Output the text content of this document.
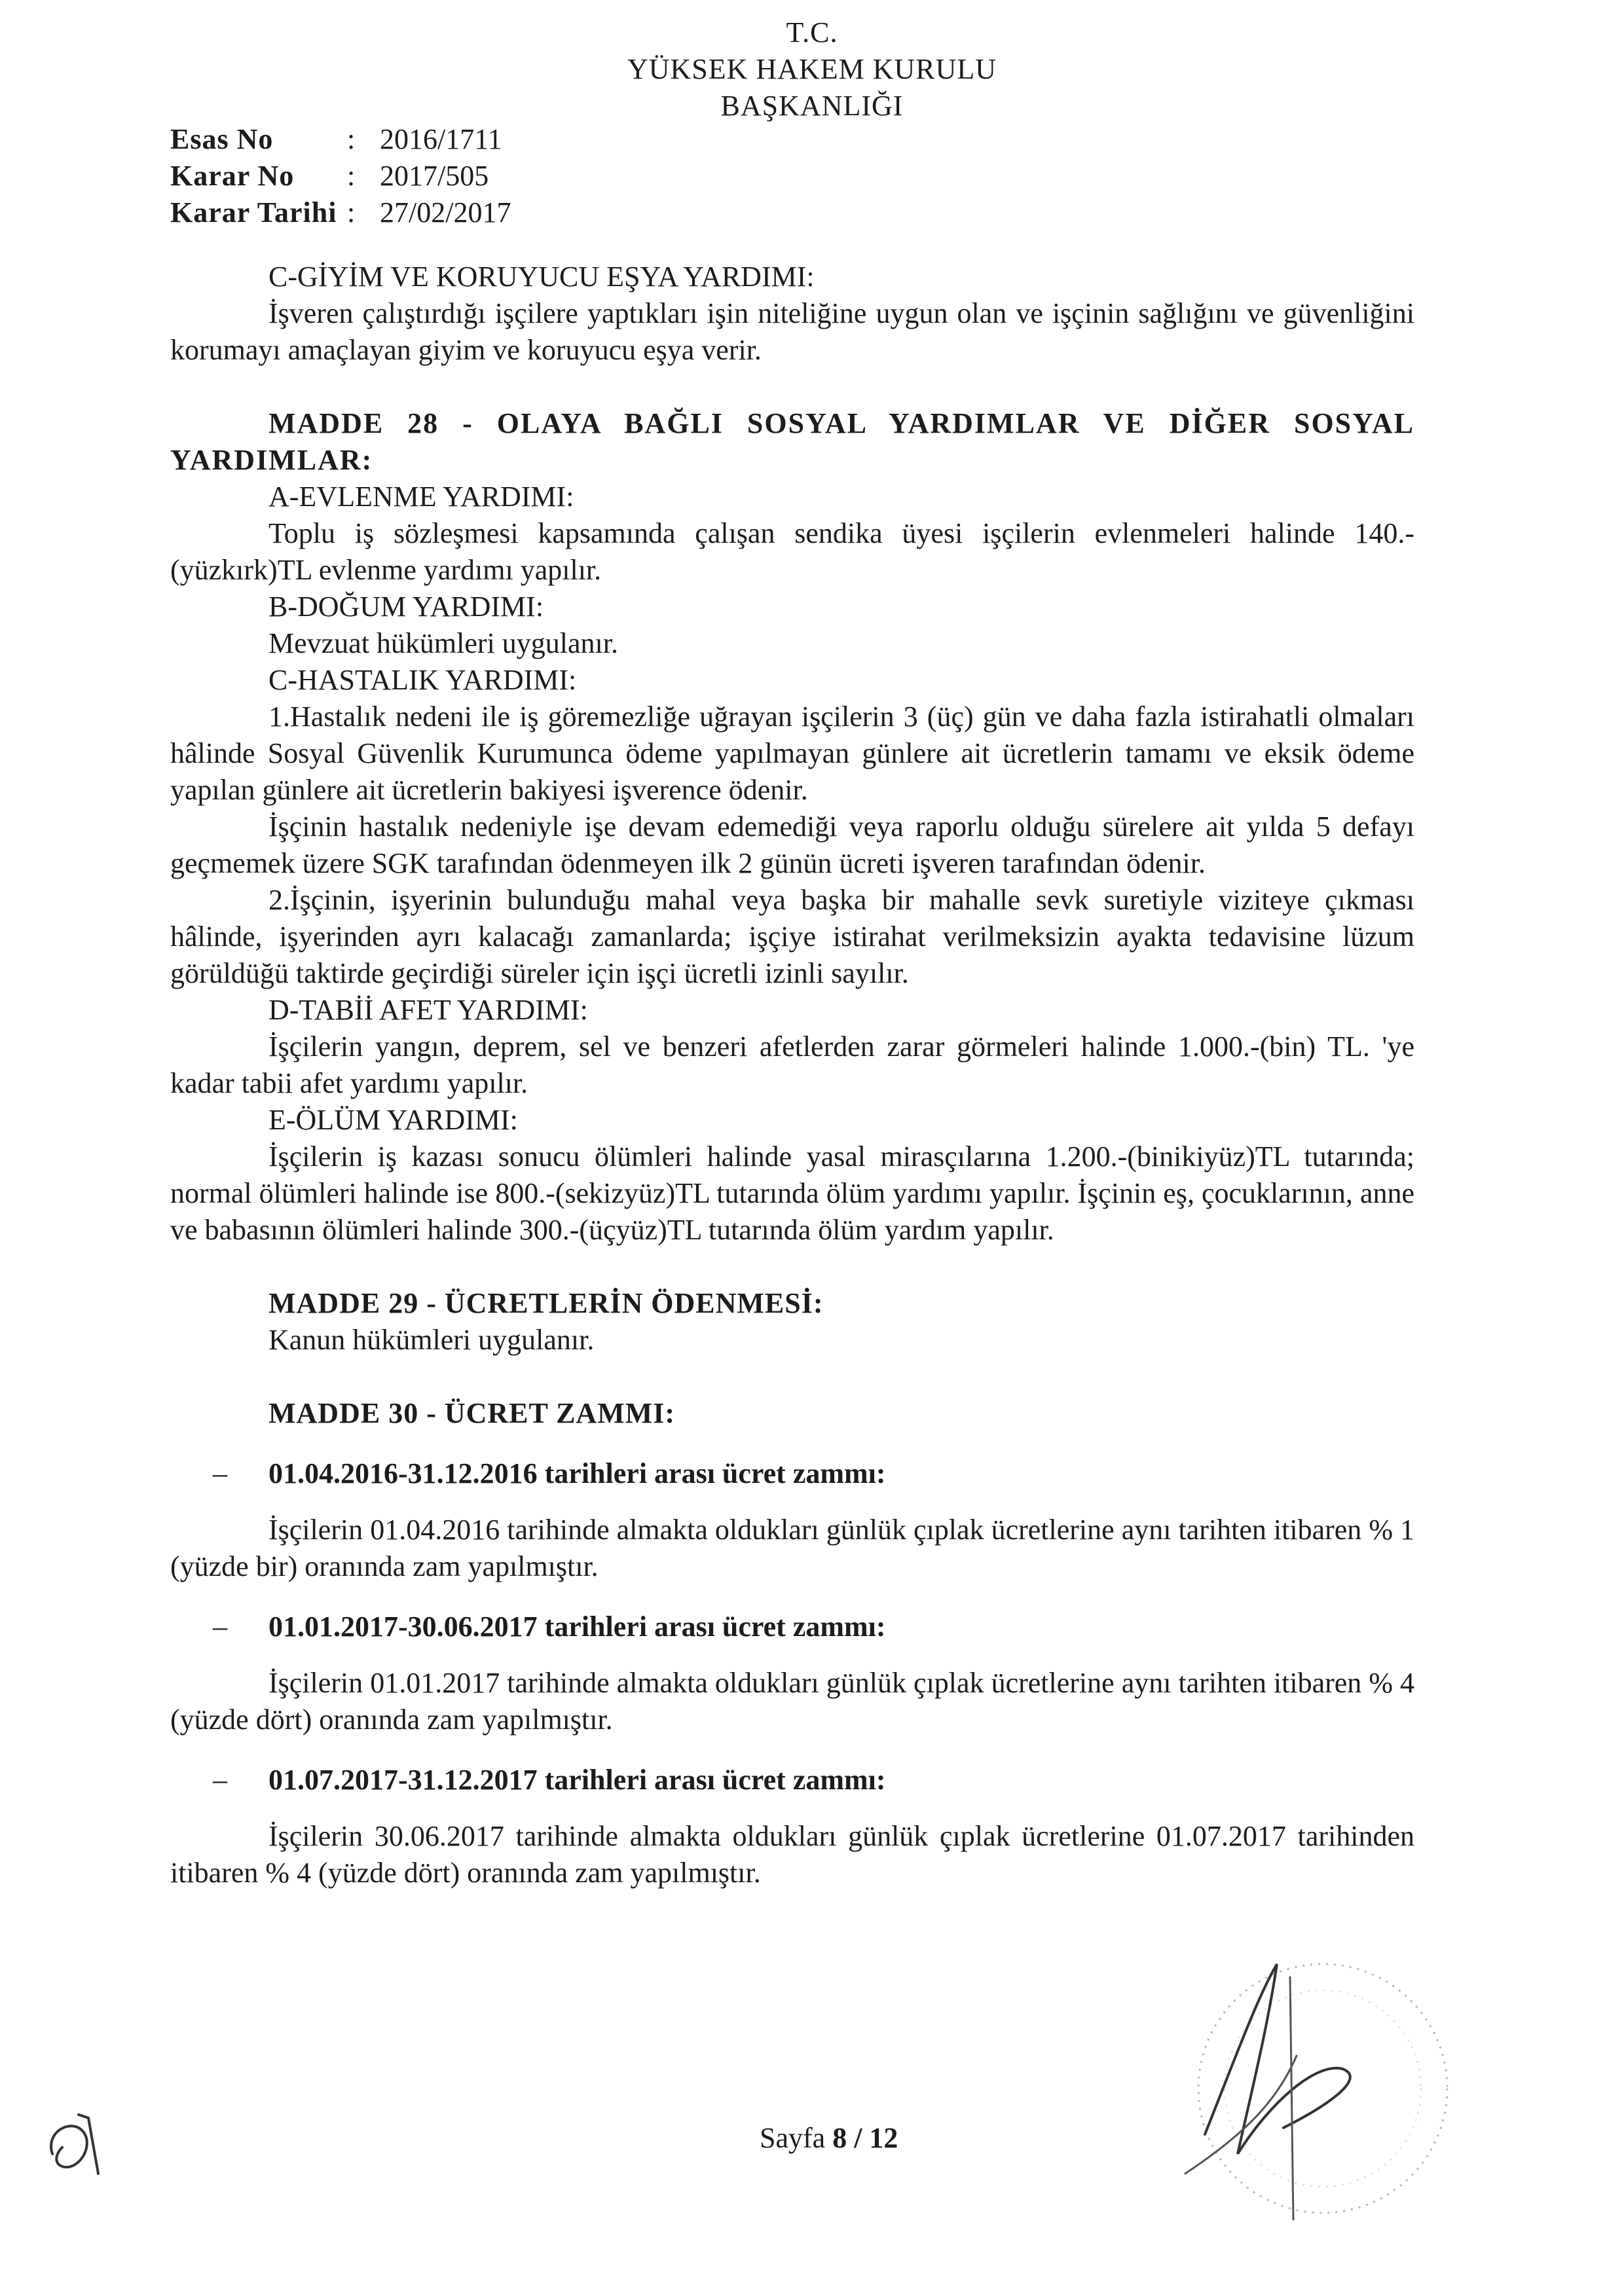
T.C.
YÜKSEK HAKEM KURULU
BAŞKANLIĞI
Esas No	: 2016/1711
Karar No	: 2017/505
Karar Tarihi : 27/02/2017

C-GİYİM VE KORUYUCU EŞYA YARDIMI:

İşveren çalıştırdığı işçilere yaptıkları işin niteliğine uygun olan ve işçinin sağlığını ve güvenliğini korumayı amaçlayan giyim ve koruyucu eşya verir.

MADDE 28 - OLAYA BAĞLI SOSYAL YARDIMLAR VE DİĞER SOSYAL YARDIMLAR:

A-EVLENME YARDIMI:

Toplu iş sözleşmesi kapsamında çalışan sendika üyesi işçilerin evlenmeleri halinde 140.-(yüzkırk)TL evlenme yardımı yapılır.

B-DOĞUM YARDIMI:

Mevzuat hükümleri uygulanır.

C-HASTALIK YARDIMI:

1.Hastalık nedeni ile iş göremezliğe uğrayan işçilerin 3 (üç) gün ve daha fazla istirahatli olmaları hâlinde Sosyal Güvenlik Kurumunca ödeme yapılmayan günlere ait ücretlerin tamamı ve eksik ödeme yapılan günlere ait ücretlerin bakiyesi işverence ödenir.

İşçinin hastalık nedeniyle işe devam edemediği veya raporlu olduğu sürelere ait yılda 5 defayı geçmemek üzere SGK tarafından ödenmeyen ilk 2 günün ücreti işveren tarafından ödenir.

2.İşçinin, işyerinin bulunduğu mahal veya başka bir mahalle sevk suretiyle viziteye çıkması hâlinde, işyerinden ayrı kalacağı zamanlarda; işçiye istirahat verilmeksizin ayakta tedavisine lüzum görüldüğü taktirde geçirdiği süreler için işçi ücretli izinli sayılır.

D-TABİİ AFET YARDIMI:

İşçilerin yangın, deprem, sel ve benzeri afetlerden zarar görmeleri halinde 1.000.-(bin) TL. 'ye kadar tabii afet yardımı yapılır.

E-ÖLÜM YARDIMI:

İşçilerin iş kazası sonucu ölümleri halinde yasal mirasçılarına 1.200.-(binikiyüz)TL tutarında; normal ölümleri halinde ise 800.-(sekizyüz)TL tutarında ölüm yardımı yapılır. İşçinin eş, çocuklarının, anne ve babasının ölümleri halinde 300.-(üçyüz)TL tutarında ölüm yardım yapılır.

MADDE 29 - ÜCRETLERİN ÖDENMESİ:

Kanun hükümleri uygulanır.

MADDE 30 - ÜCRET ZAMMI:

–	01.04.2016-31.12.2016 tarihleri arası ücret zammı:

İşçilerin 01.04.2016 tarihinde almakta oldukları günlük çıplak ücretlerine aynı tarihten itibaren % 1 (yüzde bir) oranında zam yapılmıştır.

–	01.01.2017-30.06.2017 tarihleri arası ücret zammı:

İşçilerin 01.01.2017 tarihinde almakta oldukları günlük çıplak ücretlerine aynı tarihten itibaren % 4 (yüzde dört) oranında zam yapılmıştır.

–	01.07.2017-31.12.2017 tarihleri arası ücret zammı:

İşçilerin 30.06.2017 tarihinde almakta oldukları günlük çıplak ücretlerine 01.07.2017 tarihinden itibaren % 4 (yüzde dört) oranında zam yapılmıştır.

Sayfa 8 / 12
